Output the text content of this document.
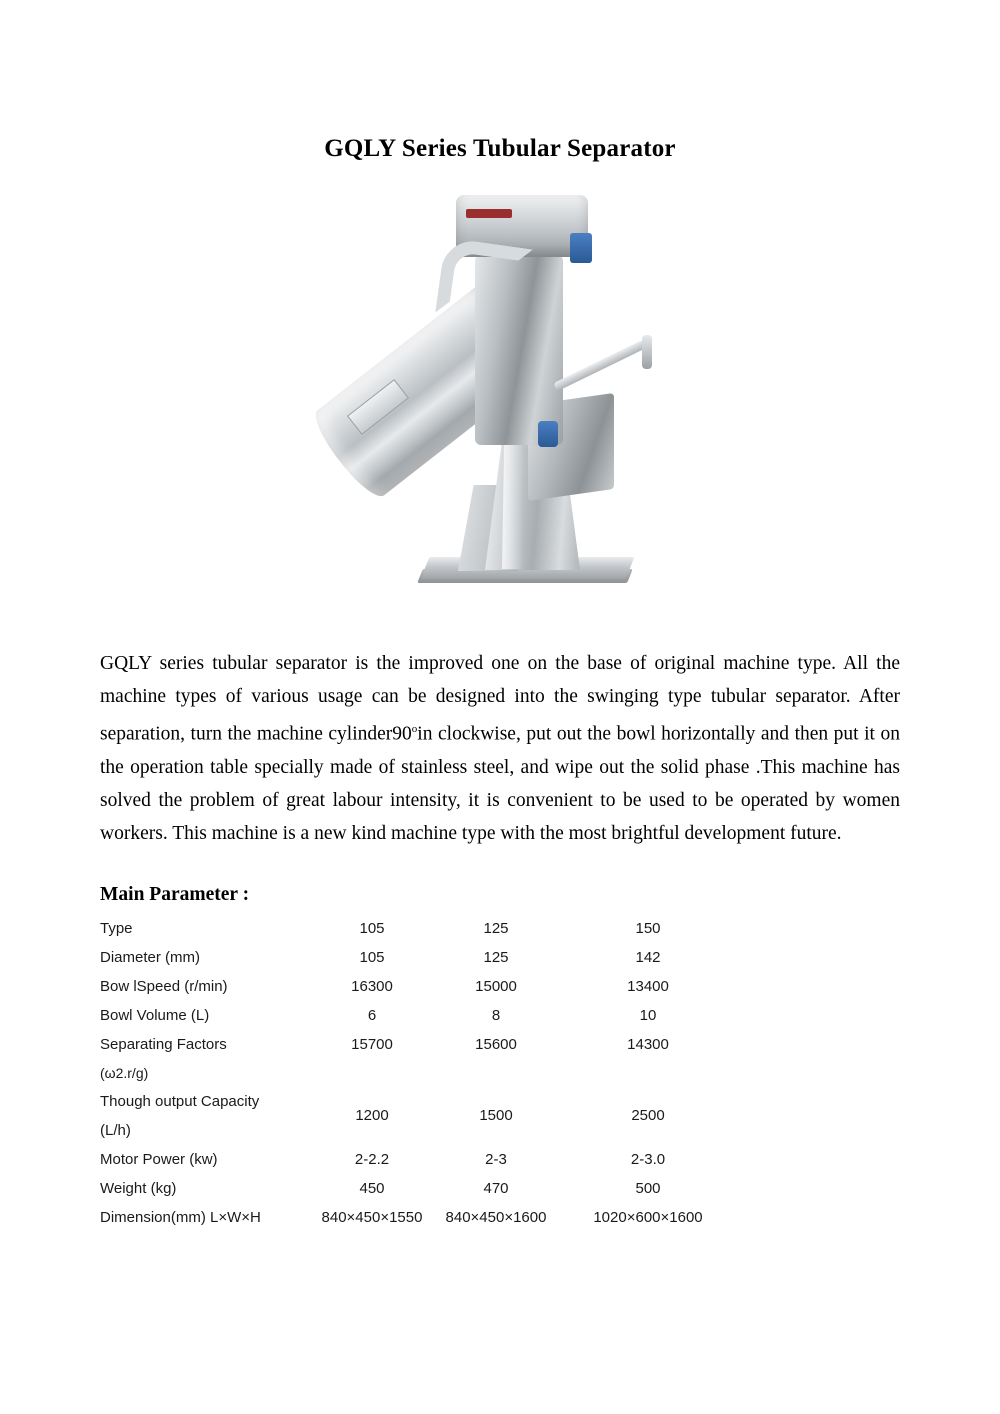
GQLY Series Tubular Separator

GQLY series tubular separator is the improved one on the base of original machine type. All the machine types of various usage can be designed into the swinging type tubular separator. After separation, turn the machine cylinder90$^o$in clockwise, put out the bowl horizontally and then put it on the operation table specially made of stainless steel, and wipe out the solid phase .This machine has solved the problem of great labour intensity, it is convenient to be used to be operated by women workers. This machine is a new kind machine type with the most brightful development future.

Main Parameter :
Type	105	125	150
Diameter (mm)	105	125	142
Bow lSpeed (r/min)	16300	15000	13400
Bowl Volume (L)	6	8	10
Separating Factors	15700	15600	14300
(ω2.r/g)			
Though output Capacity	1200	1500	2500
(L/h)			
Motor Power (kw)	2-2.2	2-3	2-3.0
Weight (kg)	450	470	500
Dimension(mm) L×W×H	840×450×1550	840×450×1600	1020×600×1600
